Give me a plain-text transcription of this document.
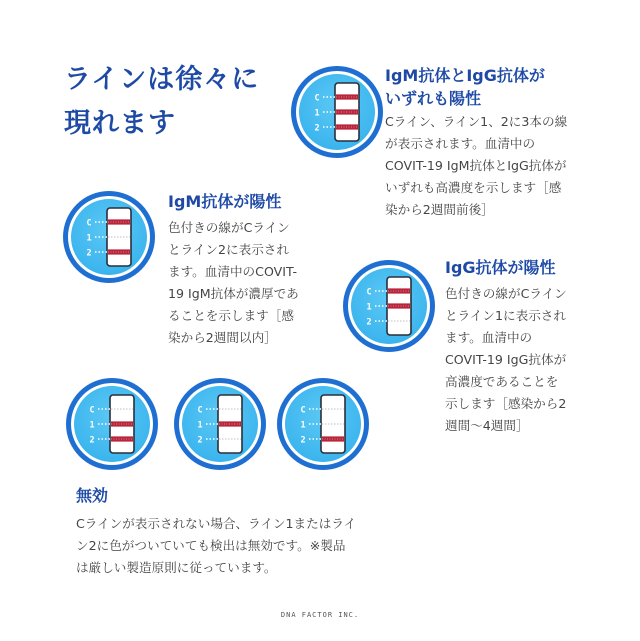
ラインは徐々に
現れます
C
1
2
C
1
2
C
1
2
C
1
2
C
1
2
C
1
2
IgM抗体とIgG抗体が
いずれも陽性
Cライン、ライン1、2に3本の線
が表示されます。血清中の
COVIT-19 IgM抗体とIgG抗体が
いずれも高濃度を示します［感
染から2週間前後］
IgM抗体が陽性
色付きの線がCライン
とライン2に表示され
ます。血清中のCOVIT-
19 IgM抗体が濃厚であ
ることを示します［感
染から2週間以内］
IgG抗体が陽性
色付きの線がCライン
とライン1に表示され
ます。血清中の
COVIT-19 IgG抗体が
高濃度であることを
示します［感染から2
週間〜4週間］
無効
Cラインが表示されない場合、ライン1またはライ
ン2に色がついていても検出は無効です。※製品
は厳しい製造原則に従っています。
DNA FACTOR INC.
